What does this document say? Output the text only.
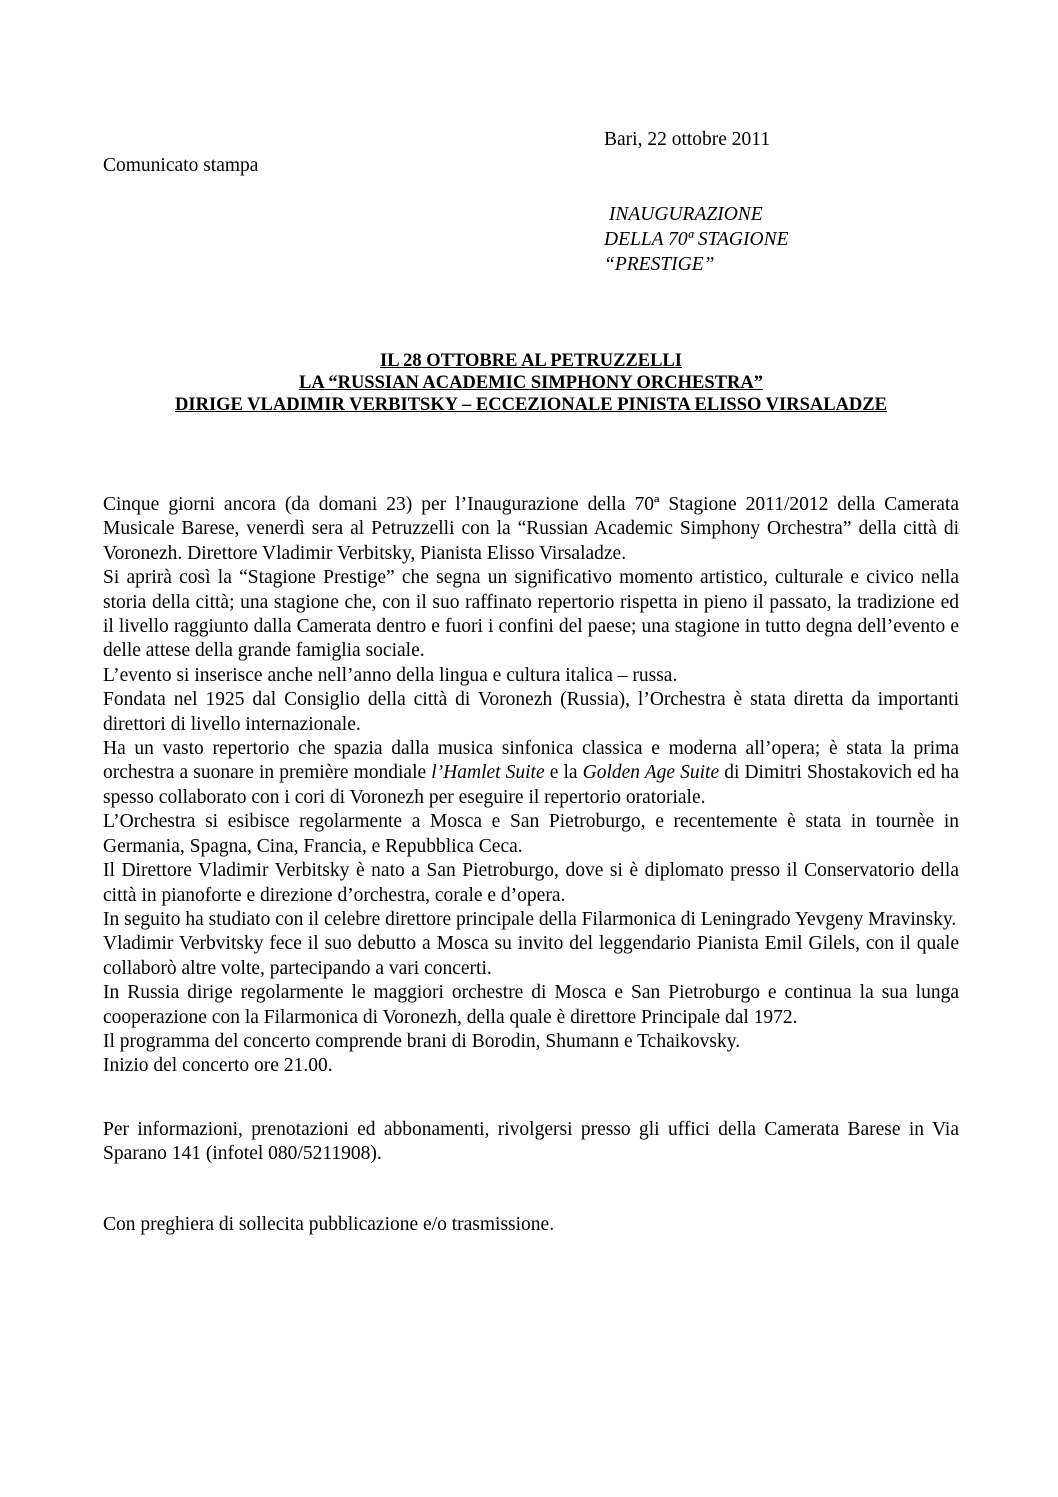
Bari, 22 ottobre 2011
Comunicato stampa
INAUGURAZIONE
DELLA 70ª STAGIONE
“PRESTIGE”
IL 28 OTTOBRE AL PETRUZZELLI
LA “RUSSIAN ACADEMIC SIMPHONY ORCHESTRA”
DIRIGE VLADIMIR VERBITSKY – ECCEZIONALE PINISTA ELISSO VIRSALADZE

Cinque giorni ancora (da domani 23) per l’Inaugurazione della 70ª Stagione 2011/2012 della Camerata Musicale Barese, venerdì sera al Petruzzelli con la “Russian Academic Simphony Orchestra” della città di Voronezh. Direttore Vladimir Verbitsky, Pianista Elisso Virsaladze.

Si aprirà così la “Stagione Prestige” che segna un significativo momento artistico, culturale e civico nella storia della città; una stagione che, con il suo raffinato repertorio rispetta in pieno il passato, la tradizione ed il livello raggiunto dalla Camerata dentro e fuori i confini del paese; una stagione in tutto degna dell’evento e delle attese della grande famiglia sociale.

L’evento si inserisce anche nell’anno della lingua e cultura italica – russa.

Fondata nel 1925 dal Consiglio della città di Voronezh (Russia), l’Orchestra è stata diretta da importanti direttori di livello internazionale.

Ha un vasto repertorio che spazia dalla musica sinfonica classica e moderna all’opera; è stata la prima orchestra a suonare in première mondiale l’Hamlet Suite e la Golden Age Suite di Dimitri Shostakovich ed ha spesso collaborato con i cori di Voronezh per eseguire il repertorio oratoriale.

L’Orchestra si esibisce regolarmente a Mosca e San Pietroburgo, e recentemente è stata in tournèe in Germania, Spagna, Cina, Francia, e Repubblica Ceca.

Il Direttore Vladimir Verbitsky è nato a San Pietroburgo, dove si è diplomato presso il Conservatorio della città in pianoforte e direzione d’orchestra, corale e d’opera.

In seguito ha studiato con il celebre direttore principale della Filarmonica di Leningrado Yevgeny Mravinsky.

Vladimir Verbvitsky fece il suo debutto a Mosca su invito del leggendario Pianista Emil Gilels, con il quale collaborò altre volte, partecipando a vari concerti.

In Russia dirige regolarmente le maggiori orchestre di Mosca e San Pietroburgo e continua la sua lunga cooperazione con la Filarmonica di Voronezh, della quale è direttore Principale dal 1972.

Il programma del concerto comprende brani di Borodin, Shumann e Tchaikovsky.

Inizio del concerto ore 21.00.

Per informazioni, prenotazioni ed abbonamenti, rivolgersi presso gli uffici della Camerata Barese in Via Sparano 141 (infotel 080/5211908).
Con preghiera di sollecita pubblicazione e/o trasmissione.
